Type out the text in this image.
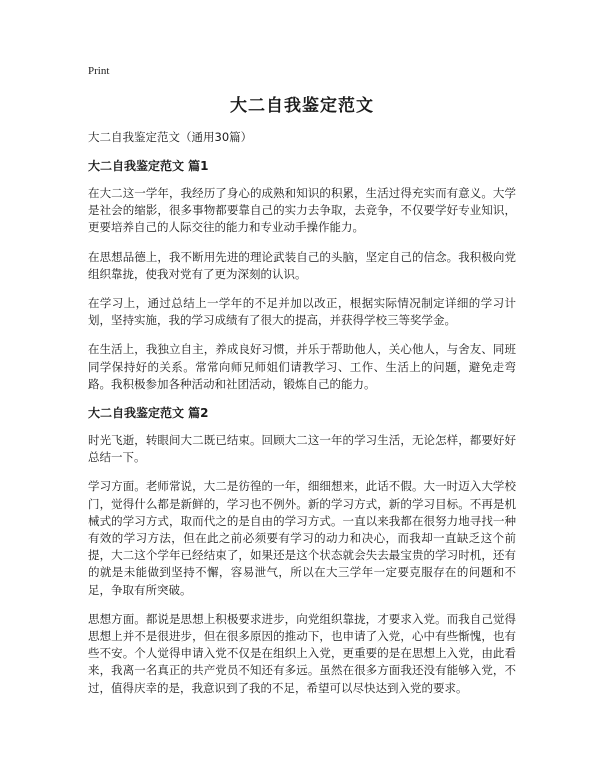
Print
大二自我鉴定范文

大二自我鉴定范文（通用30篇）

大二自我鉴定范文 篇1

在大二这一学年，我经历了身心的成熟和知识的积累，生活过得充实而有意义。大学是社会的缩影，很多事物都要靠自己的实力去争取，去竞争，不仅要学好专业知识，更要培养自己的人际交往的能力和专业动手操作能力。

在思想品德上，我不断用先进的理论武装自己的头脑，坚定自己的信念。我积极向党组织靠拢，使我对党有了更为深刻的认识。

在学习上，通过总结上一学年的不足并加以改正，根据实际情况制定详细的学习计划，坚持实施，我的学习成绩有了很大的提高，并获得学校三等奖学金。

在生活上，我独立自主，养成良好习惯，并乐于帮助他人，关心他人，与舍友、同班同学保持好的关系。常常向师兄师姐们请教学习、工作、生活上的问题，避免走弯路。我积极参加各种活动和社团活动，锻炼自己的能力。

大二自我鉴定范文 篇2

时光飞逝，转眼间大二既已结束。回顾大二这一年的学习生活，无论怎样，都要好好总结一下。

学习方面。老师常说，大二是彷徨的一年，细细想来，此话不假。大一时迈入大学校门，觉得什么都是新鲜的，学习也不例外。新的学习方式，新的学习目标。不再是机械式的学习方式，取而代之的是自由的学习方式。一直以来我都在很努力地寻找一种有效的学习方法，但在此之前必须要有学习的动力和决心，而我却一直缺乏这个前提，大二这个学年已经结束了，如果还是这个状态就会失去最宝贵的学习时机，还有的就是未能做到坚持不懈，容易泄气，所以在大三学年一定要克服存在的问题和不足，争取有所突破。

思想方面。都说是思想上积极要求进步，向党组织靠拢，才要求入党。而我自己觉得思想上并不是很进步，但在很多原因的推动下，也申请了入党，心中有些惭愧，也有些不安。个人觉得申请入党不仅是在组织上入党，更重要的是在思想上入党，由此看来，我离一名真正的共产党员不知还有多远。虽然在很多方面我还没有能够入党，不过，值得庆幸的是，我意识到了我的不足，希望可以尽快达到入党的要求。
